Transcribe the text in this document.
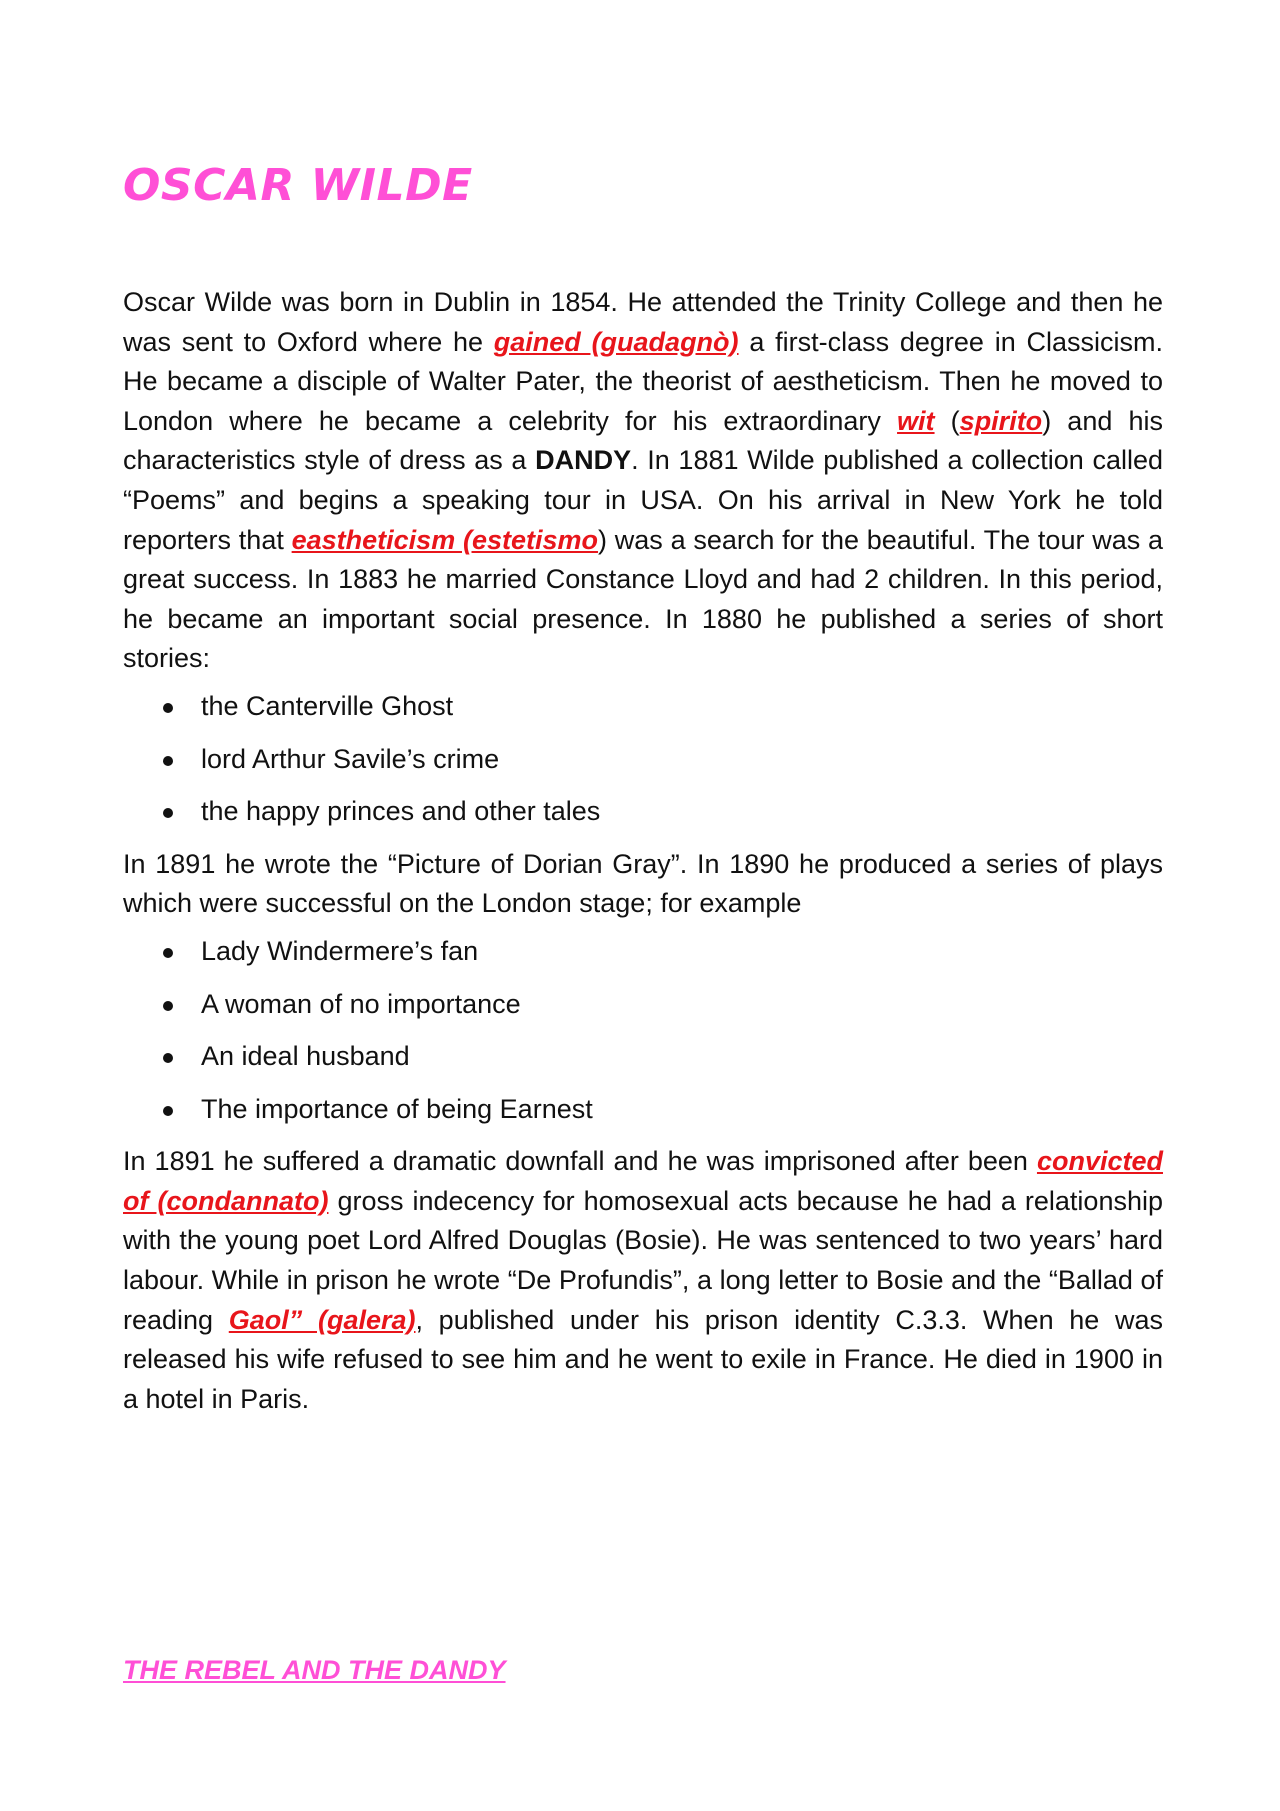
OSCAR WILDE

Oscar Wilde was born in Dublin in 1854. He attended the Trinity College and then he was sent to Oxford where he gained (guadagnò) a first-class degree in Classicism. He became a disciple of Walter Pater, the theorist of aestheticism. Then he moved to London where he became a celebrity for his extraordinary wit (spirito) and his characteristics style of dress as a DANDY. In 1881 Wilde published a collection called “Poems” and begins a speaking tour in USA. On his arrival in New York he told reporters that eastheticism (estetismo) was a search for the beautiful. The tour was a great success. In 1883 he married Constance Lloyd and had 2 children. In this period, he became an important social presence. In 1880 he published a series of short stories:

the Canterville Ghost
lord Arthur Savile’s crime
the happy princes and other tales

In 1891 he wrote the “Picture of Dorian Gray”. In 1890 he produced a series of plays which were successful on the London stage; for example

Lady Windermere’s fan
A woman of no importance
An ideal husband
The importance of being Earnest

In 1891 he suffered a dramatic downfall and he was imprisoned after been convicted of (condannato) gross indecency for homosexual acts because he had a relationship with the young poet Lord Alfred Douglas (Bosie). He was sentenced to two years’ hard labour. While in prison he wrote “De Profundis”, a long letter to Bosie and the “Ballad of reading Gaol” (galera), published under his prison identity C.3.3. When he was released his wife refused to see him and he went to exile in France. He died in 1900 in a hotel in Paris.

THE REBEL AND THE DANDY
